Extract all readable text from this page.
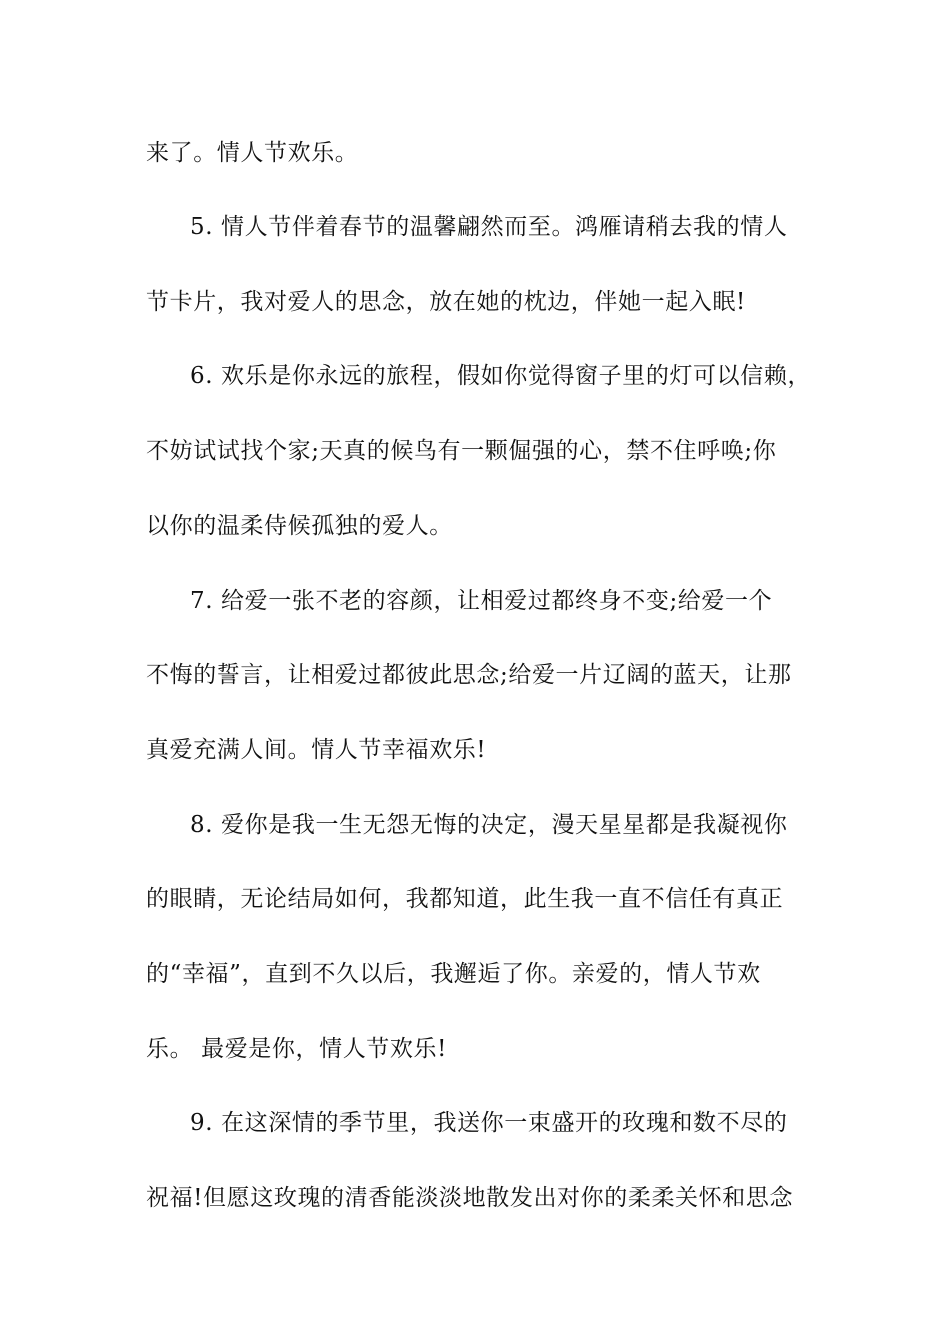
来了。情人节欢乐。
5. 情人节伴着春节的温馨翩然而至。鸿雁请稍去我的情人
节卡片，我对爱人的思念，放在她的枕边，伴她一起入眠!
6. 欢乐是你永远的旅程，假如你觉得窗子里的灯可以信赖，
不妨试试找个家;天真的候鸟有一颗倔强的心，禁不住呼唤;你
以你的温柔侍候孤独的爱人。
7. 给爱一张不老的容颜，让相爱过都终身不变;给爱一个
不悔的誓言，让相爱过都彼此思念;给爱一片辽阔的蓝天，让那
真爱充满人间。情人节幸福欢乐!
8. 爱你是我一生无怨无悔的决定，漫天星星都是我凝视你
的眼睛，无论结局如何，我都知道，此生我一直不信任有真正
的“幸福”，直到不久以后，我邂逅了你。亲爱的，情人节欢
乐。 最爱是你，情人节欢乐!
9. 在这深情的季节里，我送你一束盛开的玫瑰和数不尽的
祝福!但愿这玫瑰的清香能淡淡地散发出对你的柔柔关怀和思念
